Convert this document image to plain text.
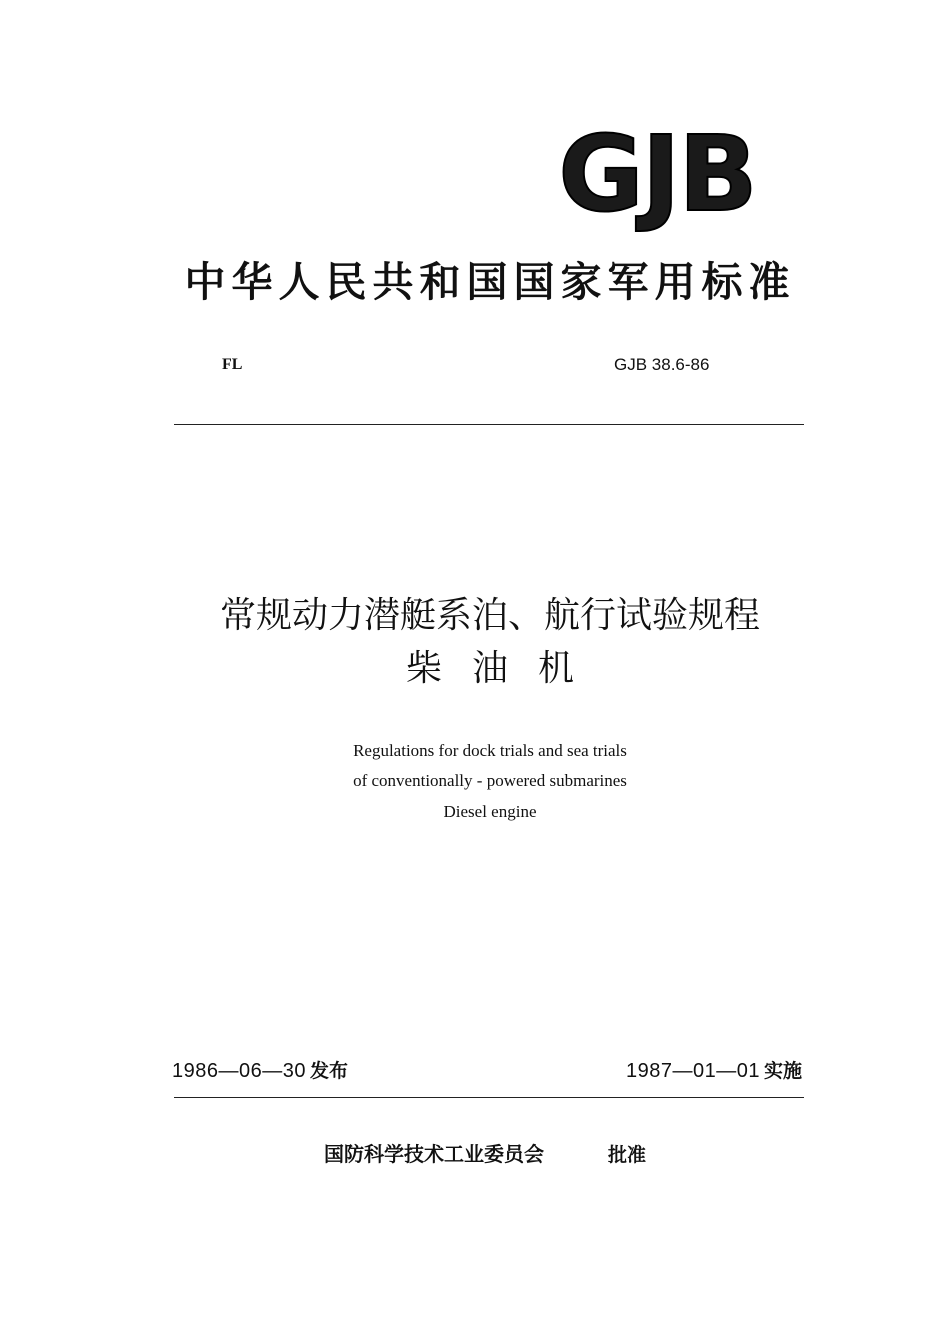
GJB
中华人民共和国国家军用标准
FL	GJB 38.6-86
常规动力潜艇系泊、航行试验规程
柴油机
Regulations for dock trials and sea trials
of conventionally - powered submarines
Diesel engine
1986—06—30 发布	1987—01—01 实施
国防科学技术工业委员会	批准
